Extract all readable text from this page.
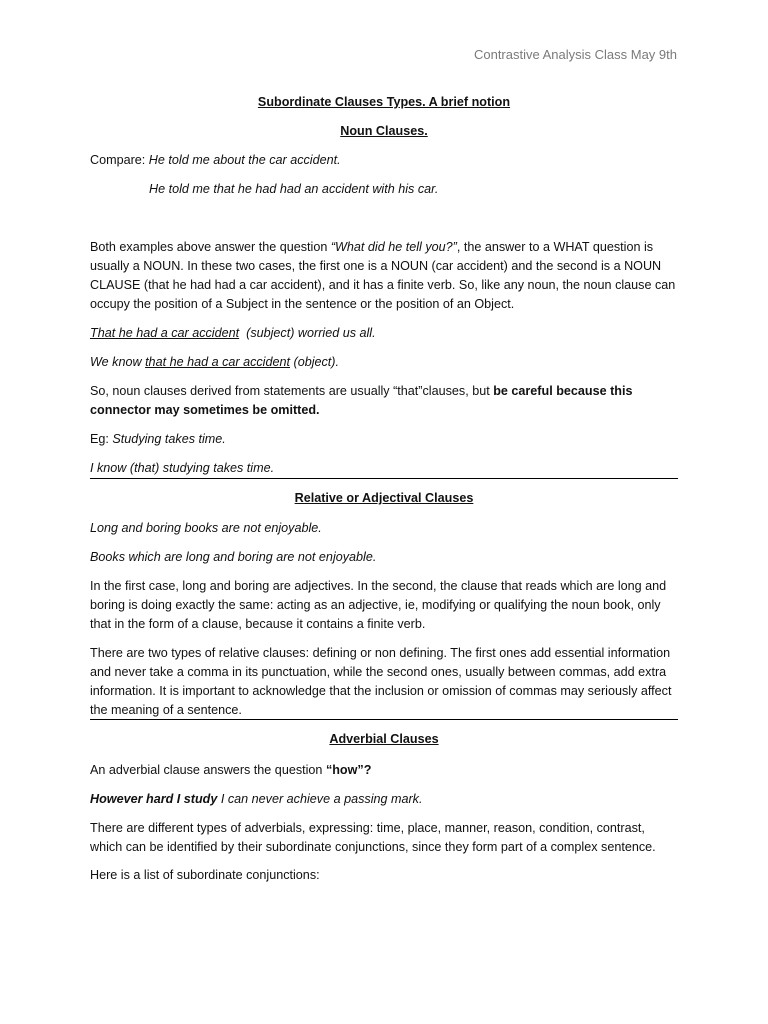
Contrastive Analysis Class May 9th
Subordinate Clauses Types. A brief notion
Noun Clauses.
Compare: He told me about the car accident.
He told me that he had had an accident with his car.
Both examples above answer the question “What did he tell you?”, the answer to a WHAT question is usually a NOUN. In these two cases, the first one is a NOUN (car accident) and the second is a NOUN CLAUSE (that he had had a car accident), and it has a finite verb. So, like any noun, the noun clause can occupy the position of a Subject in the sentence or the position of an Object.
That he had a car accident  (subject) worried us all.
We know that he had a car accident (object).
So, noun clauses derived from statements are usually “that”clauses, but be careful because this connector may sometimes be omitted.
Eg: Studying takes time.
I know (that) studying takes time.
Relative or Adjectival Clauses
Long and boring books are not enjoyable.
Books which are long and boring are not enjoyable.
In the first case, long and boring are adjectives. In the second, the clause that reads which are long and boring is doing exactly the same: acting as an adjective, ie, modifying or qualifying the noun book, only that in the form of a clause, because it contains a finite verb.
There are two types of relative clauses: defining or non defining. The first ones add essential information and never take a comma in its punctuation, while the second ones, usually between commas, add extra information. It is important to acknowledge that the inclusion or omission of commas may seriously affect the meaning of a sentence.
Adverbial Clauses
An adverbial clause answers the question “how”?
However hard I study I can never achieve a passing mark.
There are different types of adverbials, expressing: time, place, manner, reason, condition, contrast, which can be identified by their subordinate conjunctions, since they form part of a complex sentence.
Here is a list of subordinate conjunctions:
